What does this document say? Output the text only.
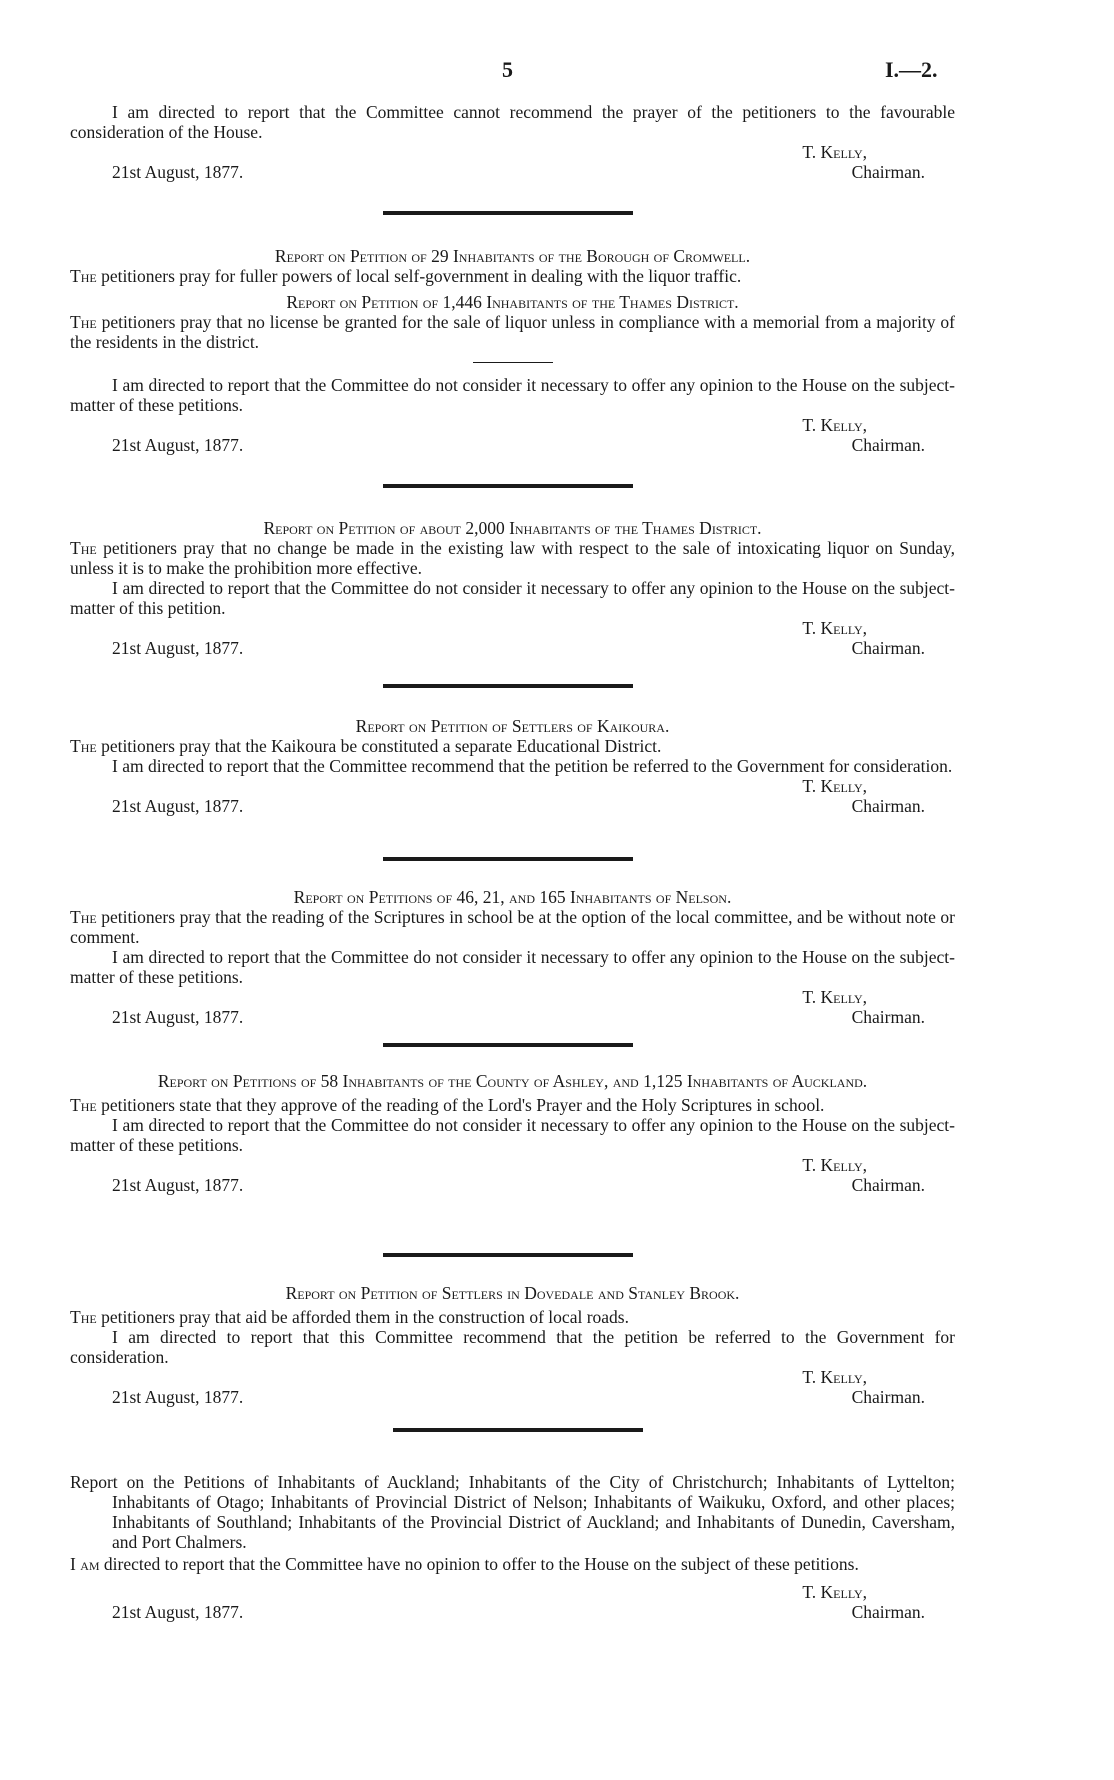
5	I.—2.

I am directed to report that the Committee cannot recommend the prayer of the petitioners to the favourable consideration of the House.

T. Kelly,
Chairman.
21st August, 1877.
Report on Petition of 29 Inhabitants of the Borough of Cromwell.

The petitioners pray for fuller powers of local self-government in dealing with the liquor traffic.

Report on Petition of 1,446 Inhabitants of the Thames District.

The petitioners pray that no license be granted for the sale of liquor unless in compliance with a memorial from a majority of the residents in the district.

I am directed to report that the Committee do not consider it necessary to offer any opinion to the House on the subject-matter of these petitions.

T. Kelly,
Chairman.
21st August, 1877.
Report on Petition of about 2,000 Inhabitants of the Thames District.

The petitioners pray that no change be made in the existing law with respect to the sale of intoxicating liquor on Sunday, unless it is to make the prohibition more effective.

I am directed to report that the Committee do not consider it necessary to offer any opinion to the House on the subject-matter of this petition.

T. Kelly,
Chairman.
21st August, 1877.
Report on Petition of Settlers of Kaikoura.

The petitioners pray that the Kaikoura be constituted a separate Educational District.

I am directed to report that the Committee recommend that the petition be referred to the Government for consideration.

T. Kelly,
Chairman.
21st August, 1877.
Report on Petitions of 46, 21, and 165 Inhabitants of Nelson.

The petitioners pray that the reading of the Scriptures in school be at the option of the local committee, and be without note or comment.

I am directed to report that the Committee do not consider it necessary to offer any opinion to the House on the subject-matter of these petitions.

T. Kelly,
Chairman.
21st August, 1877.
Report on Petitions of 58 Inhabitants of the County of Ashley, and 1,125 Inhabitants of Auckland.

The petitioners state that they approve of the reading of the Lord's Prayer and the Holy Scriptures in school.

I am directed to report that the Committee do not consider it necessary to offer any opinion to the House on the subject-matter of these petitions.

T. Kelly,
Chairman.
21st August, 1877.
Report on Petition of Settlers in Dovedale and Stanley Brook.

The petitioners pray that aid be afforded them in the construction of local roads.

I am directed to report that this Committee recommend that the petition be referred to the Government for consideration.

T. Kelly,
Chairman.
21st August, 1877.

Report on the Petitions of Inhabitants of Auckland; Inhabitants of the City of Christchurch; Inhabitants of Lyttelton; Inhabitants of Otago; Inhabitants of Provincial District of Nelson; Inhabitants of Waikuku, Oxford, and other places; Inhabitants of Southland; Inhabitants of the Provincial District of Auckland; and Inhabitants of Dunedin, Caversham, and Port Chalmers.

I am directed to report that the Committee have no opinion to offer to the House on the subject of these petitions.

T. Kelly,
Chairman.
21st August, 1877.
